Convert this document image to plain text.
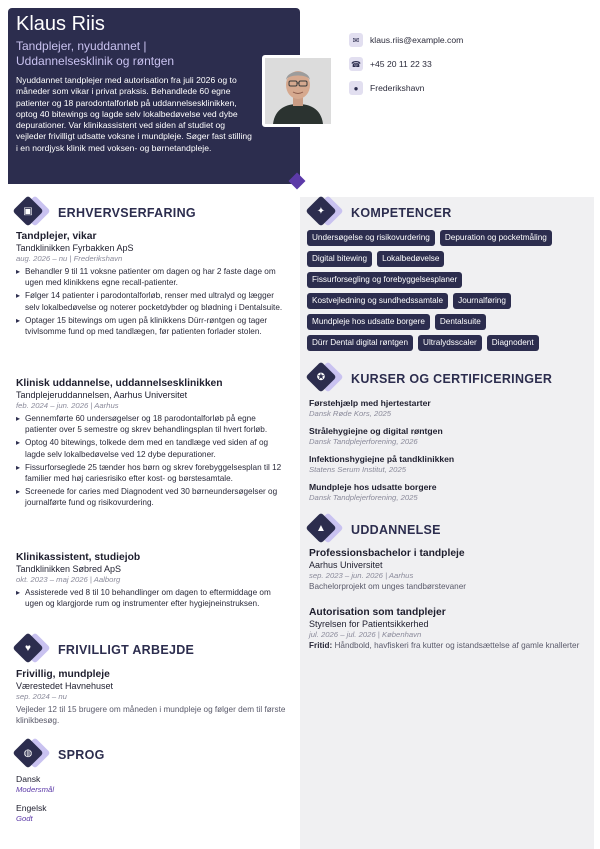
Klaus Riis
Tandplejer, nyuddannet | Uddannelsesklinik og røntgen
Nyuddannet tandplejer med autorisation fra juli 2026 og to måneder som vikar i privat praksis. Behandlede 60 egne patienter og 18 parodontalforløb på uddannelsesklinikken, optog 40 bitewings og lagde selv lokalbedøvelse ved dybe depurationer. Var klinikassistent ved siden af studiet og vejleder frivilligt udsatte voksne i mundpleje. Søger fast stilling i en nordjysk klinik med voksen- og børnetandpleje.
✉	klaus.riis@example.com
☎ +45 20 11 22 33
●	Frederikshavn
▣	ERHVERVSERFARING
Tandplejer, vikar
Tandklinikken Fyrbakken ApS
aug. 2026 – nu | Frederikshavn
▸ Behandler 9 til 11 voksne patienter om dagen og har 2 faste dage om ugen med klinikkens egne recall-patienter.
▸ Følger 14 patienter i parodontalforløb, renser med ultralyd og lægger selv lokalbedøvelse og noterer pocketdybder og blødning i Dentalsuite.
▸ Optager 15 bitewings om ugen på klinikkens Dürr-røntgen og tager tvivlsomme fund op med tandlægen, før patienten forlader stolen.
Klinisk uddannelse, uddannelsesklinikken
Tandplejeruddannelsen, Aarhus Universitet
feb. 2024 – jun. 2026 | Aarhus
▸ Gennemførte 60 undersøgelser og 18 parodontalforløb på egne patienter over 5 semestre og skrev behandlingsplan til hvert forløb.
▸ Optog 40 bitewings, tolkede dem med en tandlæge ved siden af og lagde selv lokalbedøvelse ved 12 dybe depurationer.
▸ Fissurforseglede 25 tænder hos børn og skrev forebyggelsesplan til 12 familier med høj cariesrisiko efter kost- og børstesamtale.
▸ Screenede for caries med Diagnodent ved 30 børneundersøgelser og journalførte fund og risikovurdering.
Klinikassistent, studiejob
Tandklinikken Søbred ApS
okt. 2023 – maj 2026 | Aalborg
▸ Assisterede ved 8 til 10 behandlinger om dagen to eftermiddage om ugen og klargjorde rum og instrumenter efter hygiejneinstruksen.
♥	FRIVILLIGT ARBEJDE
Frivillig, mundpleje
Værestedet Havnehuset
sep. 2024 – nu
Vejleder 12 til 15 brugere om måneden i mundpleje og følger dem til første klinikbesøg.
◍	SPROG
Dansk
Modersmål
Engelsk
Godt
✦	KOMPETENCER
Undersøgelse og risikovurdering	Depuration og pocketmåling
Digital bitewing	Lokalbedøvelse
Fissurforsegling og forebyggelsesplaner
Kostvejledning og sundhedssamtale	Journalføring
Mundpleje hos udsatte borgere	Dentalsuite
Dürr Dental digital røntgen	Ultralydsscaler	Diagnodent
✪	KURSER OG CERTIFICERINGER
Førstehjælp med hjertestarter
Dansk Røde Kors, 2025
Strålehygiejne og digital røntgen
Dansk Tandplejerforening, 2026
Infektionshygiejne på tandklinikken
Statens Serum Institut, 2025
Mundpleje hos udsatte borgere
Dansk Tandplejerforening, 2025
▲	UDDANNELSE
Professionsbachelor i tandpleje
Aarhus Universitet
sep. 2023 – jun. 2026 | Aarhus
Bachelorprojekt om unges tandbørstevaner
Autorisation som tandplejer
Styrelsen for Patientsikkerhed
jul. 2026 – jul. 2026 | København
Fritid: Håndbold, havfiskeri fra kutter og istandsættelse af gamle knallerter
